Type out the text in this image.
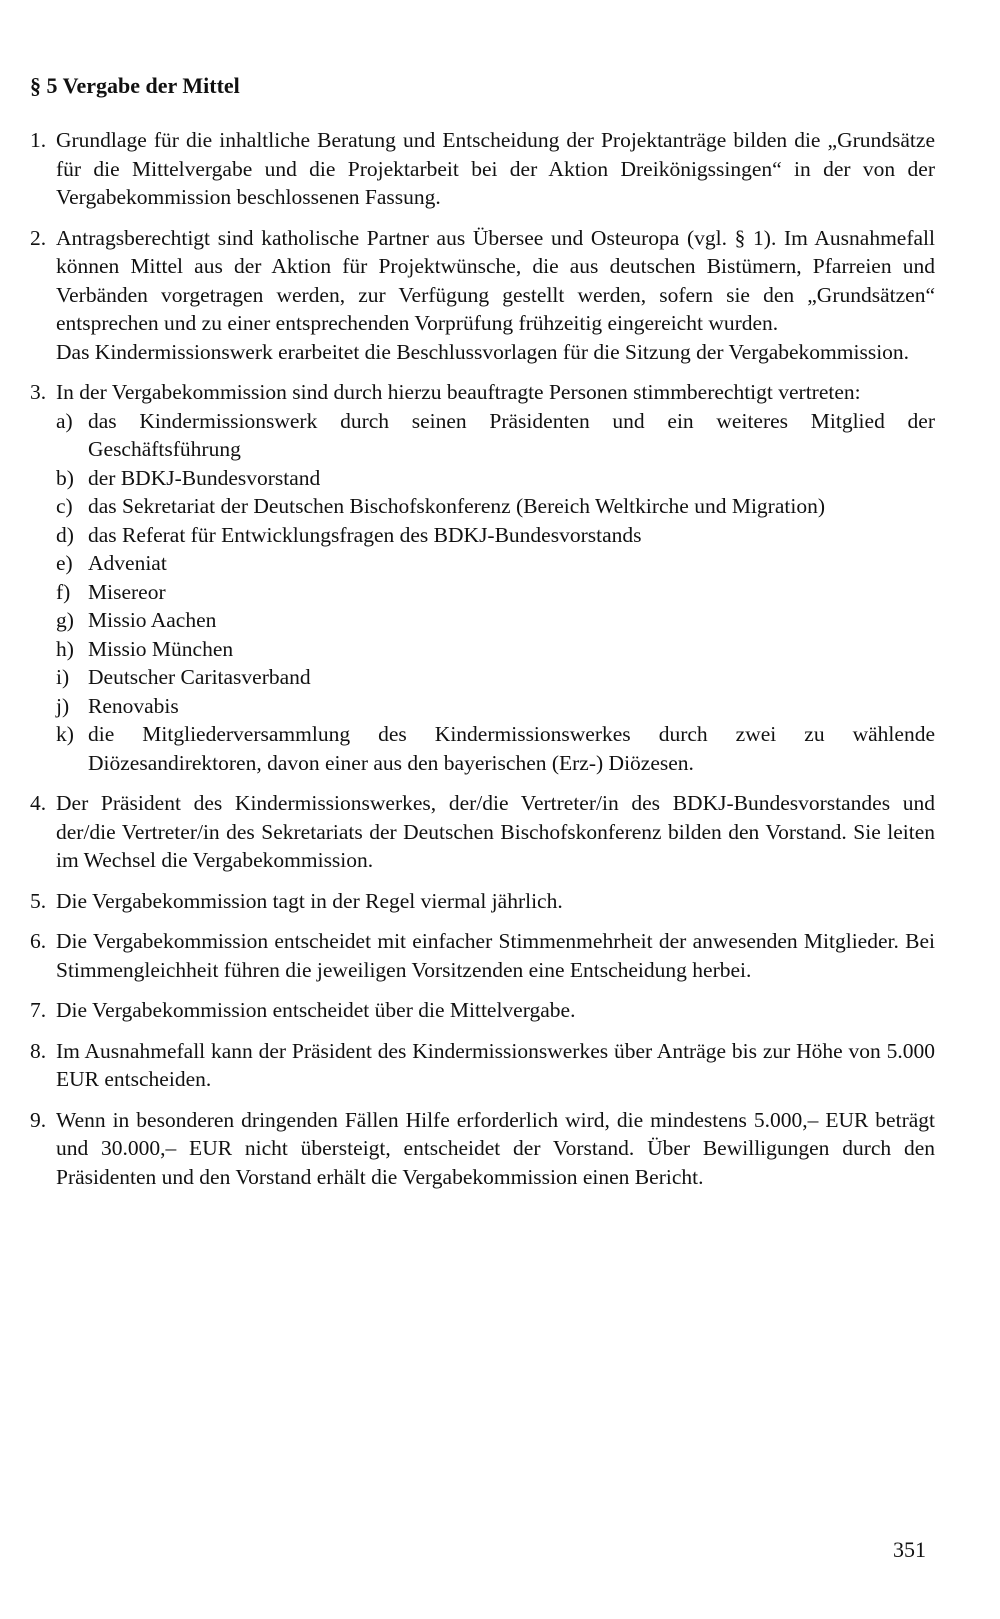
§ 5 Vergabe der Mittel
1. Grundlage für die inhaltliche Beratung und Entscheidung der Projektanträge bilden die „Grundsätze für die Mittelvergabe und die Projektarbeit bei der Aktion Dreikönigssingen“ in der von der Vergabekommission beschlossenen Fassung.
2. Antragsberechtigt sind katholische Partner aus Übersee und Osteuropa (vgl. § 1). Im Ausnahmefall können Mittel aus der Aktion für Projektwünsche, die aus deutschen Bistümern, Pfarreien und Verbänden vorgetragen werden, zur Verfügung gestellt werden, sofern sie den „Grundsätzen“ entsprechen und zu einer entsprechenden Vorprüfung frühzeitig eingereicht wurden.
Das Kindermissionswerk erarbeitet die Beschlussvorlagen für die Sitzung der Vergabekommission.
3. In der Vergabekommission sind durch hierzu beauftragte Personen stimmberechtigt vertreten:
a) das Kindermissionswerk durch seinen Präsidenten und ein weiteres Mitglied der Geschäftsführung
b) der BDKJ-Bundesvorstand
c) das Sekretariat der Deutschen Bischofskonferenz (Bereich Weltkirche und Migration)
d) das Referat für Entwicklungsfragen des BDKJ-Bundesvorstands
e) Adveniat
f) Misereor
g) Missio Aachen
h) Missio München
i) Deutscher Caritasverband
j) Renovabis
k) die Mitgliederversammlung des Kindermissionswerkes durch zwei zu wählende Diözesandirektoren, davon einer aus den bayerischen (Erz-) Diözesen.
4. Der Präsident des Kindermissionswerkes, der/die Vertreter/in des BDKJ-Bundesvorstandes und der/die Vertreter/in des Sekretariats der Deutschen Bischofskonferenz bilden den Vorstand. Sie leiten im Wechsel die Vergabekommission.
5. Die Vergabekommission tagt in der Regel viermal jährlich.
6. Die Vergabekommission entscheidet mit einfacher Stimmenmehrheit der anwesenden Mitglieder. Bei Stimmengleichheit führen die jeweiligen Vorsitzenden eine Entscheidung herbei.
7. Die Vergabekommission entscheidet über die Mittelvergabe.
8. Im Ausnahmefall kann der Präsident des Kindermissionswerkes über Anträge bis zur Höhe von 5.000 EUR entscheiden.
9. Wenn in besonderen dringenden Fällen Hilfe erforderlich wird, die mindestens 5.000,– EUR beträgt und 30.000,– EUR nicht übersteigt, entscheidet der Vorstand. Über Bewilligungen durch den Präsidenten und den Vorstand erhält die Vergabekommission einen Bericht.
351
